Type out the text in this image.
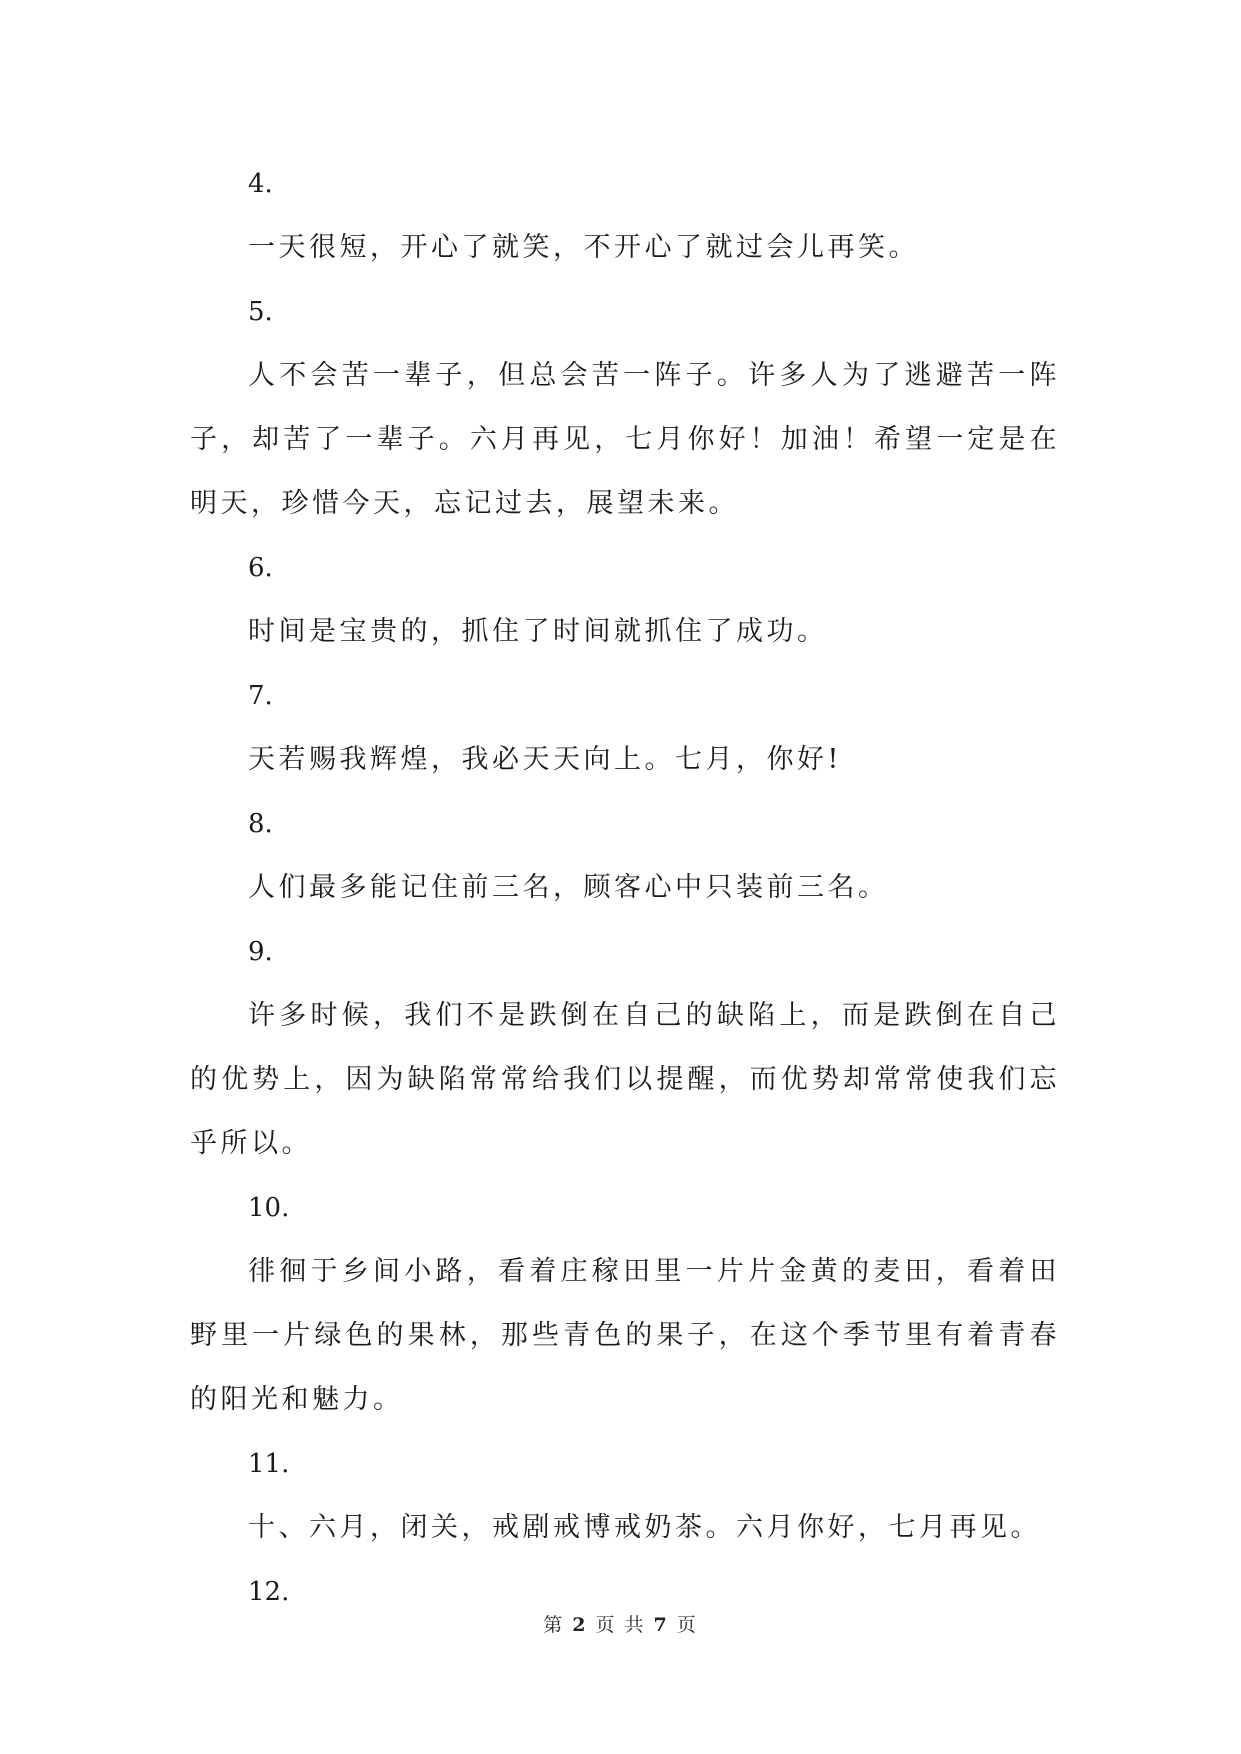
4.
一天很短，开心了就笑，不开心了就过会儿再笑。
5.
人不会苦一辈子，但总会苦一阵子。许多人为了逃避苦一阵子，却苦了一辈子。六月再见，七月你好！加油！希望一定是在明天，珍惜今天，忘记过去，展望未来。
6.
时间是宝贵的，抓住了时间就抓住了成功。
7.
天若赐我辉煌，我必天天向上。七月，你好!
8.
人们最多能记住前三名，顾客心中只装前三名。
9.
许多时候，我们不是跌倒在自己的缺陷上，而是跌倒在自己的优势上，因为缺陷常常给我们以提醒，而优势却常常使我们忘乎所以。
10.
徘徊于乡间小路，看着庄稼田里一片片金黄的麦田，看着田野里一片绿色的果林，那些青色的果子，在这个季节里有着青春的阳光和魅力。
11.
十、六月，闭关，戒剧戒博戒奶茶。六月你好，七月再见。
12.
第 2 页 共 7 页
